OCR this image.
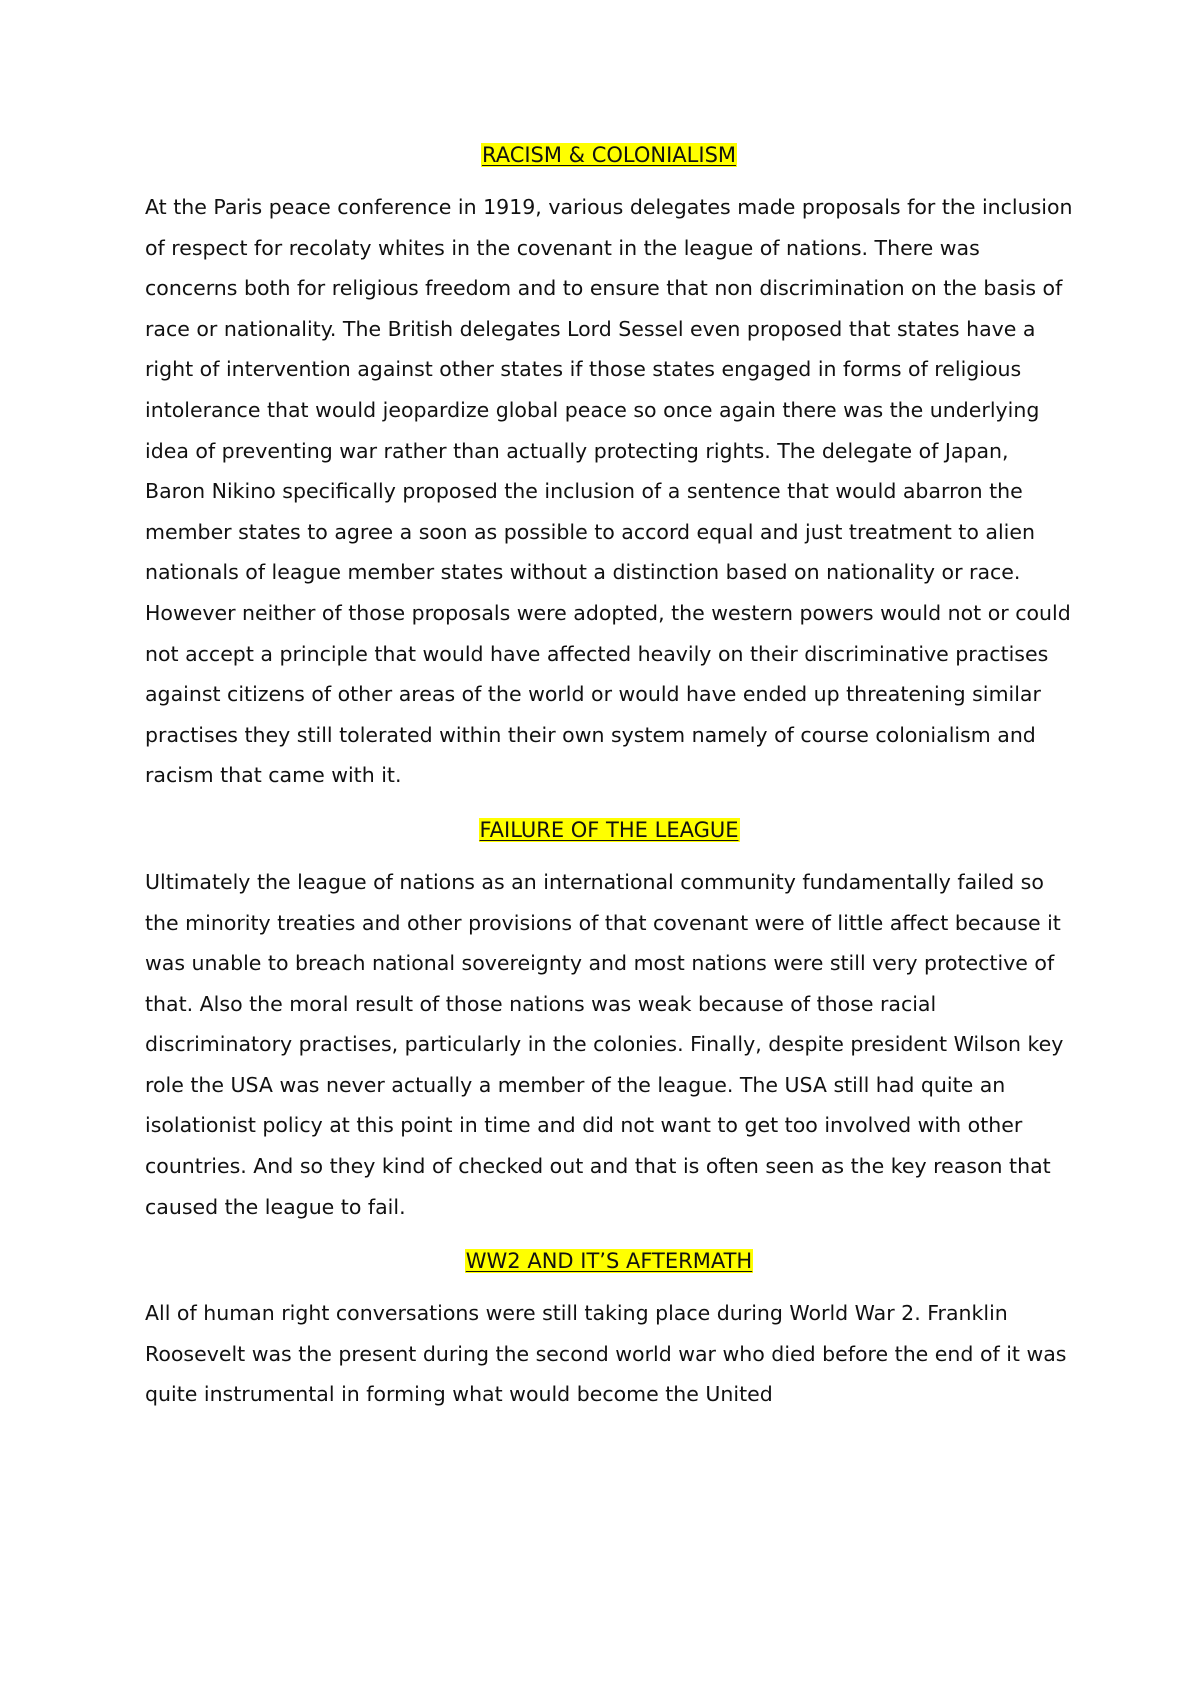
RACISM & COLONIALISM

At the Paris peace conference in 1919, various delegates made proposals for the inclusion of respect for recolaty whites in the covenant in the league of nations. There was concerns both for religious freedom and to ensure that non discrimination on the basis of race or nationality. The British delegates Lord Sessel even proposed that states have a right of intervention against other states if those states engaged in forms of religious intolerance that would jeopardize global peace so once again there was the underlying idea of preventing war rather than actually protecting rights. The delegate of Japan, Baron Nikino specifically proposed the inclusion of a sentence that would abarron the member states to agree a soon as possible to accord equal and just treatment to alien nationals of league member states without a distinction based on nationality or race. However neither of those proposals were adopted, the western powers would not or could not accept a principle that would have affected heavily on their discriminative practises against citizens of other areas of the world or would have ended up threatening similar practises they still tolerated within their own system namely of course colonialism and racism that came with it.

FAILURE OF THE LEAGUE

Ultimately the league of nations as an international community fundamentally failed so the minority treaties and other provisions of that covenant were of little affect because it was unable to breach national sovereignty and most nations were still very protective of that. Also the moral result of those nations was weak because of those racial discriminatory practises, particularly in the colonies. Finally, despite president Wilson key role the USA was never actually a member of the league. The USA still had quite an isolationist policy at this point in time and did not want to get too involved with other countries. And so they kind of checked out and that is often seen as the key reason that caused the league to fail.

WW2 AND IT’S AFTERMATH

All of human right conversations were still taking place during World War 2. Franklin Roosevelt was the present during the second world war who died before the end of it was quite instrumental in forming what would become the United
